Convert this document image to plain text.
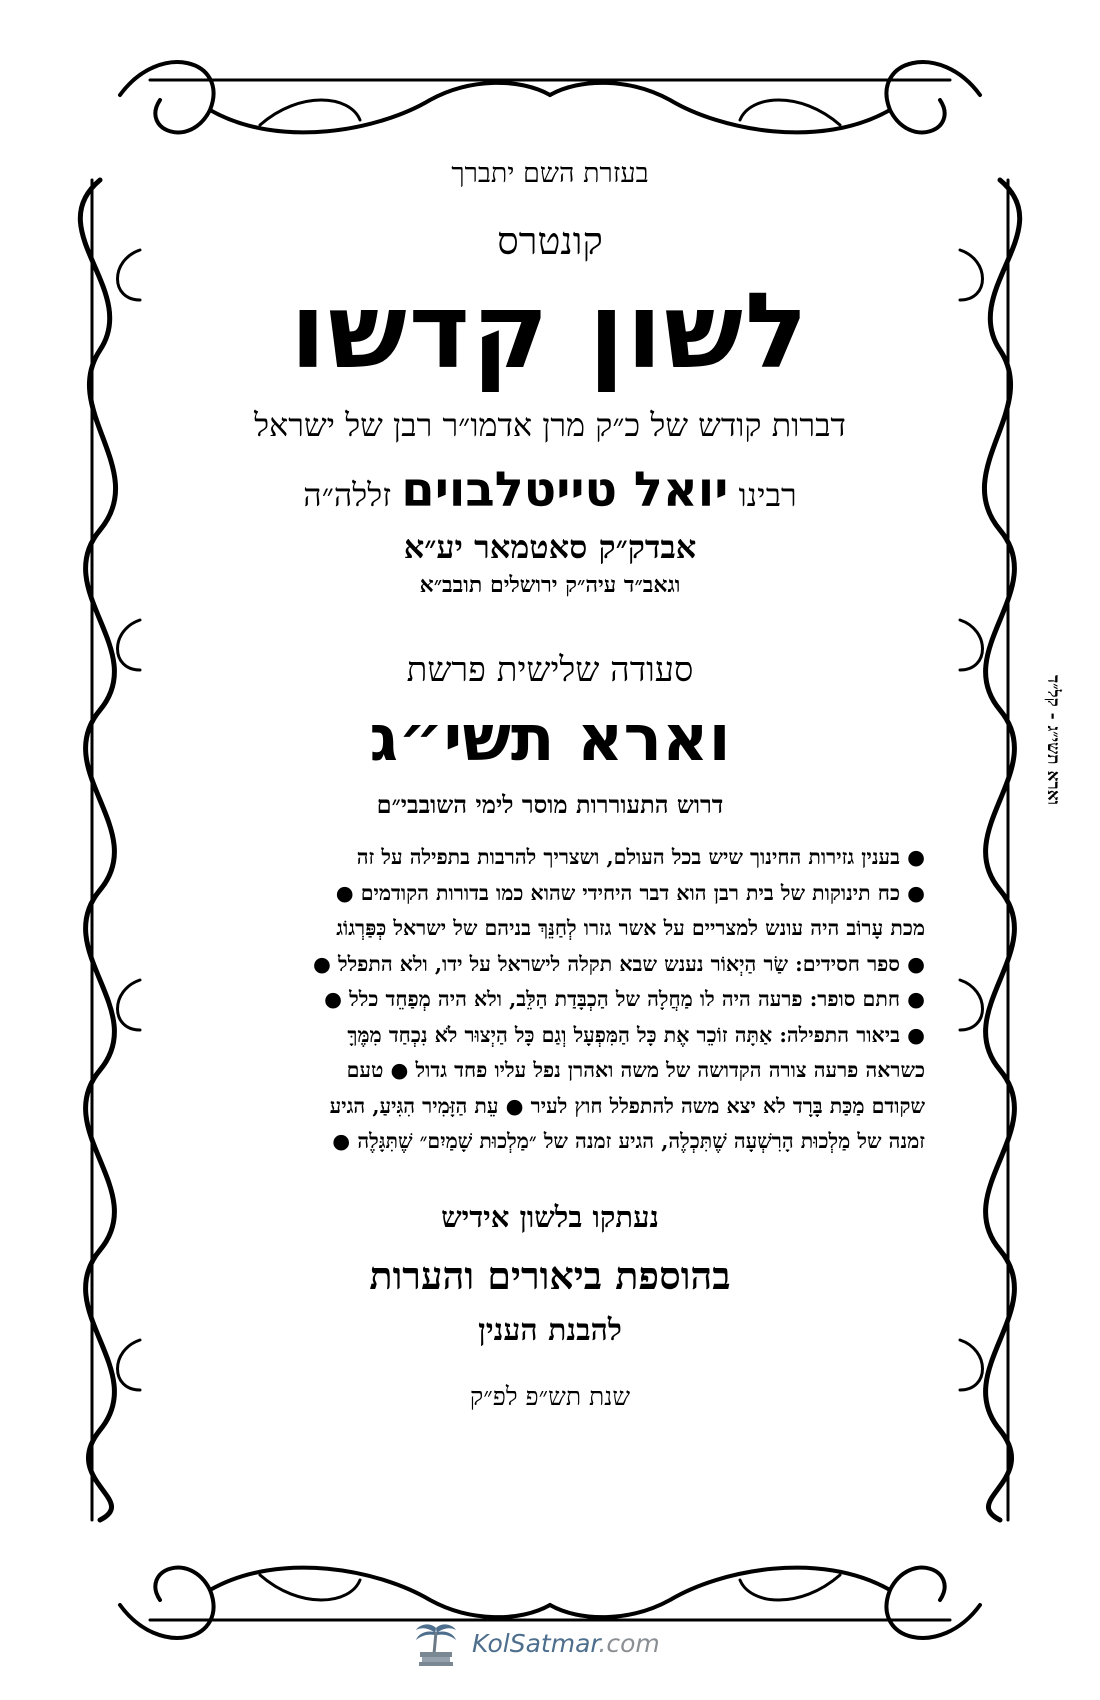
בעזרת השם יתברך
קונטרס
לשון קדשו
דברות קודש של כ״ק מרן אדמו״ר רבן של ישראל
רבינו יואל טייטלבוים זללה״ה
אבדק״ק סאטמאר יע״א
וגאב״ד עיה״ק ירושלים תובב״א
סעודה שלישית פרשת
וארא תשי״ג
דרוש התעוררות מוסר לימי השובבי״ם
● בענין גזירות החינוך שיש בכל העולם, ושצריך להרבות בתפילה על זה
● כח תינוקות של בית רבן הוא דבר היחידי שהוא כמו בדורות הקודמים ●
מכת עָרוֹב היה עונש למצריים על אשר גזרו לְחַנֵּךְ בניהם של ישראל כְּפַּרְגוֹג
● ספר חסידים: שַׂר הַיְאוֹר נענש שבא תקלה לישראל על ידו, ולא התפלל ●
● חתם סופר: פרעה היה לו מַחֲלָה של הַכְבָּדַת הַלֵּב, ולא היה מְפַחֵד כלל ●
● ביאור התפילה: אַתָּה זוֹכֵר אֶת כָּל הַמִּפְעָל וְגַם כָּל הַיְצוּר לֹא נִכְחַד מִמֶּךָּ
כשראה פרעה צורה הקדושה של משה ואהרן נפל עליו פחד גדול ● טעם
שקודם מַכַּת בָּרָד לא יצא משה להתפלל חוץ לעיר ● עֵת הַזָּמִיר הִגִּיעַ, הגיע
זמנה של מַלְכוּת הָרִשְׁעָה שֶׁתִּכְלֶה, הגיע זמנה של ״מַלְכוּת שָׁמַיִם״ שֶׁתִּגָּלֶה ●
נעתקו בלשון אידיש
בהוספת ביאורים והערות
להבנת הענין
שנת תש״פ לפ״ק
וארא תשי״ג - קל״ד
KolSatmar.com
